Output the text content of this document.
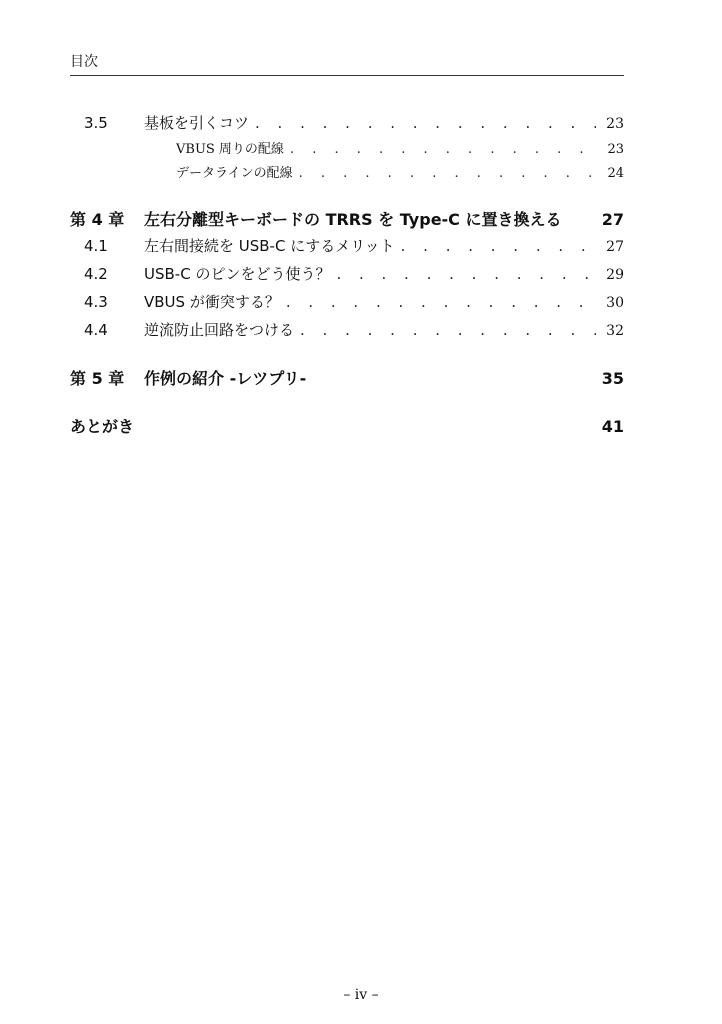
目次
3.5	基板を引くコツ . . .	23
VBUS 周りの配線 . . .	23
データラインの配線 . . .	24
第 4 章	左右分離型キーボードの TRRS を Type-C に置き換える	27
4.1	左右間接続を USB-C にするメリット . . .	27
4.2	USB-C のピンをどう使う？ . . .	29
4.3	VBUS が衝突する？ . . .	30
4.4	逆流防止回路をつける . . .	32
第 5 章	作例の紹介 -レツプリ-	35
あとがき	41
– iv –
